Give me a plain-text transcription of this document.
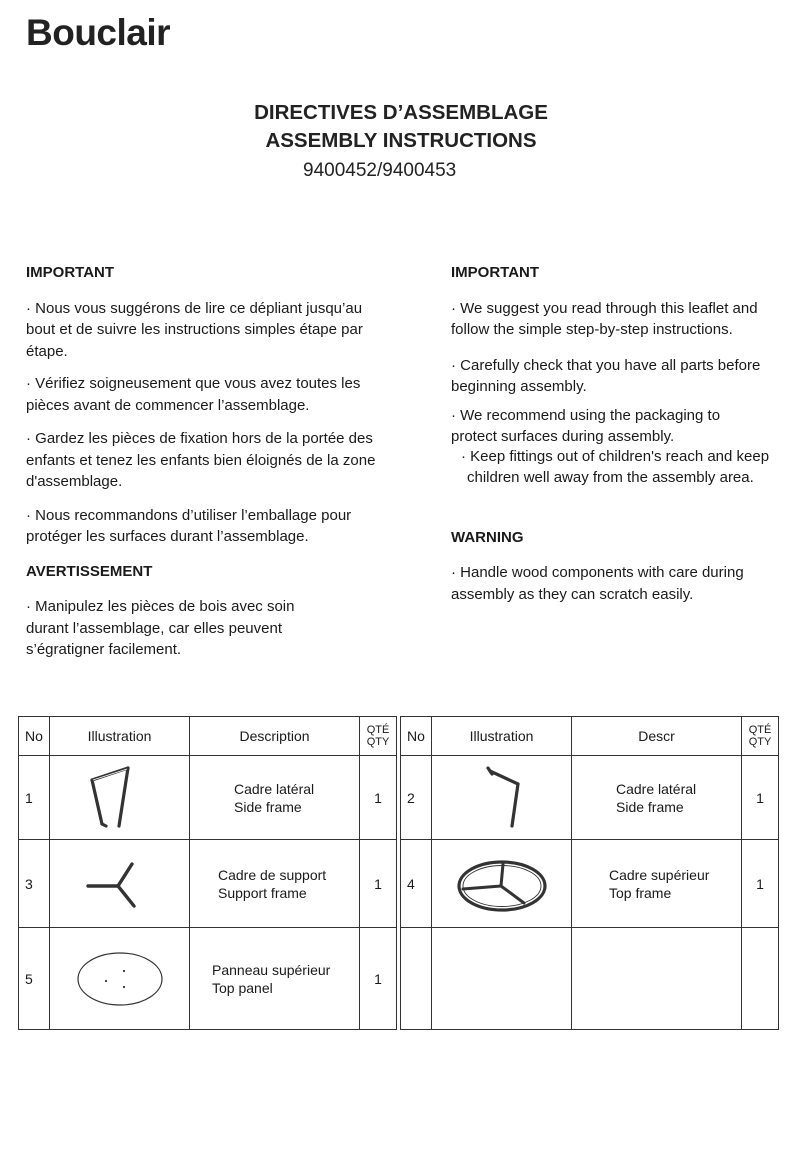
Bouclair
DIRECTIVES D’ASSEMBLAGE
ASSEMBLY INSTRUCTIONS
9400452/9400453
IMPORTANT

· Nous vous suggérons de lire ce dépliant jusqu’au bout et de suivre les instructions simples étape par étape.

· Vérifiez soigneusement que vous avez toutes les pièces avant de commencer l’assemblage.

· Gardez les pièces de fixation hors de la portée des enfants et tenez les enfants bien éloignés de la zone d'assemblage.

· Nous recommandons d’utiliser l’emballage pour protéger les surfaces durant l’assemblage.

AVERTISSEMENT

· Manipulez les pièces de bois avec soin durant l’assemblage, car elles peuvent s’égratigner facilement.

IMPORTANT

· We suggest you read through this leaflet and follow the simple step-by-step instructions.

· Carefully check that you have all parts before beginning assembly.

· We recommend using the packaging to protect surfaces during assembly.

· Keep fittings out of children's reach and keep children well away from the assembly area.

WARNING

· Handle wood components with care during assembly as they can scratch easily.

No	Illustration	Description	QTÉ
QTY

1		Cadre latéral
Side frame	1
3		Cadre de support
Support frame	1
5		Panneau supérieur
Top panel	1
No	Illustration	Descr	QTÉ
QTY

2		Cadre latéral
Side frame	1
4		Cadre supérieur
Top frame	1
